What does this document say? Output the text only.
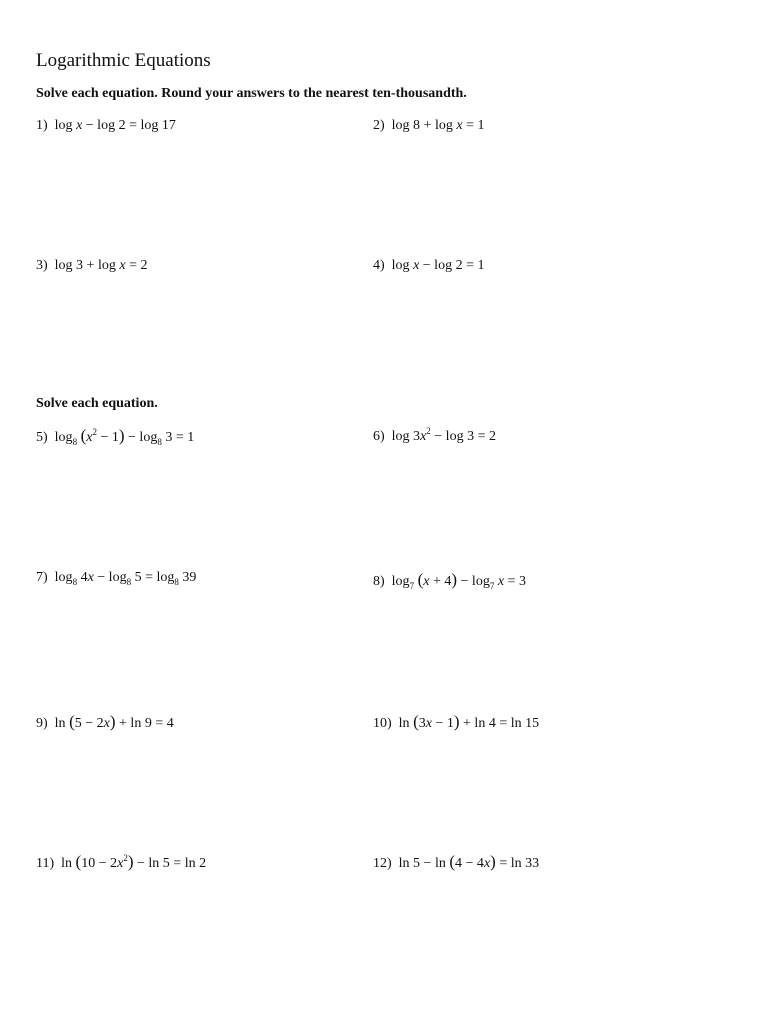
Logarithmic Equations
Solve each equation. Round your answers to the nearest ten-thousandth.
1) log x − log 2 = log 17	2) log 8 + log x = 1
3) log 3 + log x = 2	4) log x − log 2 = 1
Solve each equation.
5) $\log_8 (x^2 - 1) - \log_8 3 = 1$	6) $\log 3x^2 - \log 3 = 2$
7) $\log_8 4x - \log_8 5 = \log_8 39$	8) $\log_7 (x + 4) - \log_7 x = 3$
9) ln (5 − 2x) + ln 9 = 4	10) ln (3x − 1) + ln 4 = ln 15
11) $\ln (10 - 2x^2) - \ln 5 = \ln 2$	12) ln 5 − ln (4 − 4x) = ln 33
